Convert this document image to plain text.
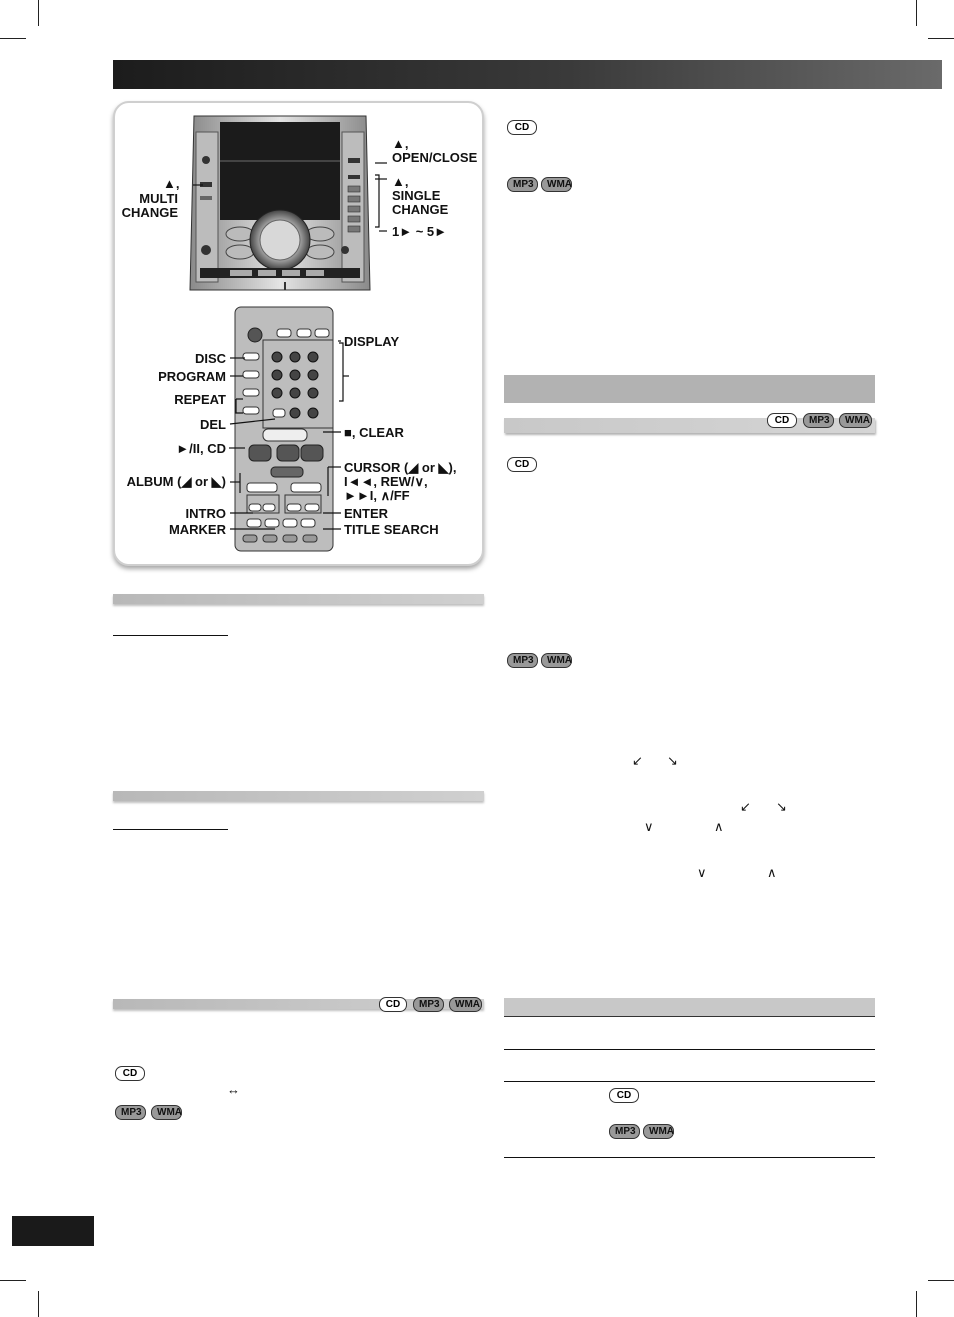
▲,
OPEN/CLOSE
▲,
MULTI
CHANGE
▲,
SINGLE
CHANGE
1► ~ 5►
DISPLAY
DISC
PROGRAM
REPEAT
DEL
■, CLEAR
►/II, CD
CURSOR (◢ or ◣),
I◄◄, REW/∨,
►►I, ∧/FF
ALBUM (◢ or ◣)
INTRO	ENTER
MARKER	TITLE SEARCH
CD	MP3	WMA
CD
↔
MP3	WMA
CD
MP3	WMA
CD	MP3	WMA
CD
MP3	WMA
↙ ↘
↙ ↘
∨	∧
∨	∧
CD
MP3	WMA
